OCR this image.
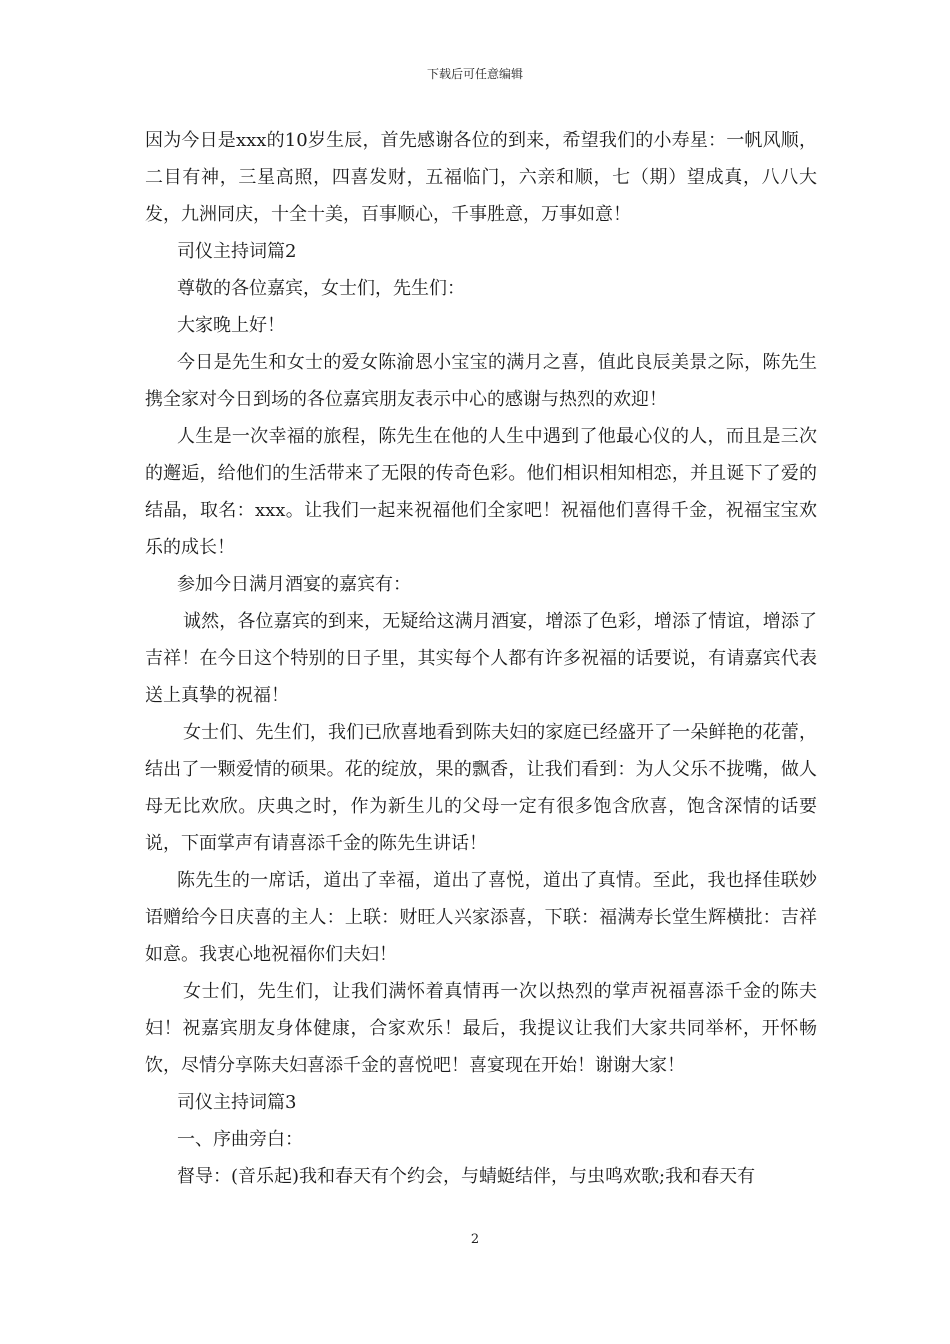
下载后可任意编辑

因为今日是xxx的10岁生辰，首先感谢各位的到来，希望我们的小寿星：一帆风顺，二目有神，三星高照，四喜发财，五福临门，六亲和顺，七（期）望成真，八八大发，九洲同庆，十全十美，百事顺心，千事胜意，万事如意！

司仪主持词篇2

尊敬的各位嘉宾，女士们，先生们：

大家晚上好！

今日是先生和女士的爱女陈渝恩小宝宝的满月之喜，值此良辰美景之际，陈先生携全家对今日到场的各位嘉宾朋友表示中心的感谢与热烈的欢迎！

人生是一次幸福的旅程，陈先生在他的人生中遇到了他最心仪的人，而且是三次的邂逅，给他们的生活带来了无限的传奇色彩。他们相识相知相恋，并且诞下了爱的结晶，取名：xxx。让我们一起来祝福他们全家吧！祝福他们喜得千金，祝福宝宝欢乐的成长！

参加今日满月酒宴的嘉宾有：

诚然，各位嘉宾的到来，无疑给这满月酒宴，增添了色彩，增添了情谊，增添了吉祥！在今日这个特别的日子里，其实每个人都有许多祝福的话要说，有请嘉宾代表送上真挚的祝福！

女士们、先生们，我们已欣喜地看到陈夫妇的家庭已经盛开了一朵鲜艳的花蕾，结出了一颗爱情的硕果。花的绽放，果的飘香，让我们看到：为人父乐不拢嘴，做人母无比欢欣。庆典之时，作为新生儿的父母一定有很多饱含欣喜，饱含深情的话要说，下面掌声有请喜添千金的陈先生讲话！

陈先生的一席话，道出了幸福，道出了喜悦，道出了真情。至此，我也择佳联妙语赠给今日庆喜的主人：上联：财旺人兴家添喜，下联：福满寿长堂生辉横批：吉祥如意。我衷心地祝福你们夫妇！

女士们，先生们，让我们满怀着真情再一次以热烈的掌声祝福喜添千金的陈夫妇！祝嘉宾朋友身体健康，合家欢乐！最后，我提议让我们大家共同举杯，开怀畅饮，尽情分享陈夫妇喜添千金的喜悦吧！喜宴现在开始！谢谢大家！

司仪主持词篇3

一、序曲旁白：

督导：(音乐起)我和春天有个约会，与蜻蜓结伴，与虫鸣欢歌;我和春天有

2
